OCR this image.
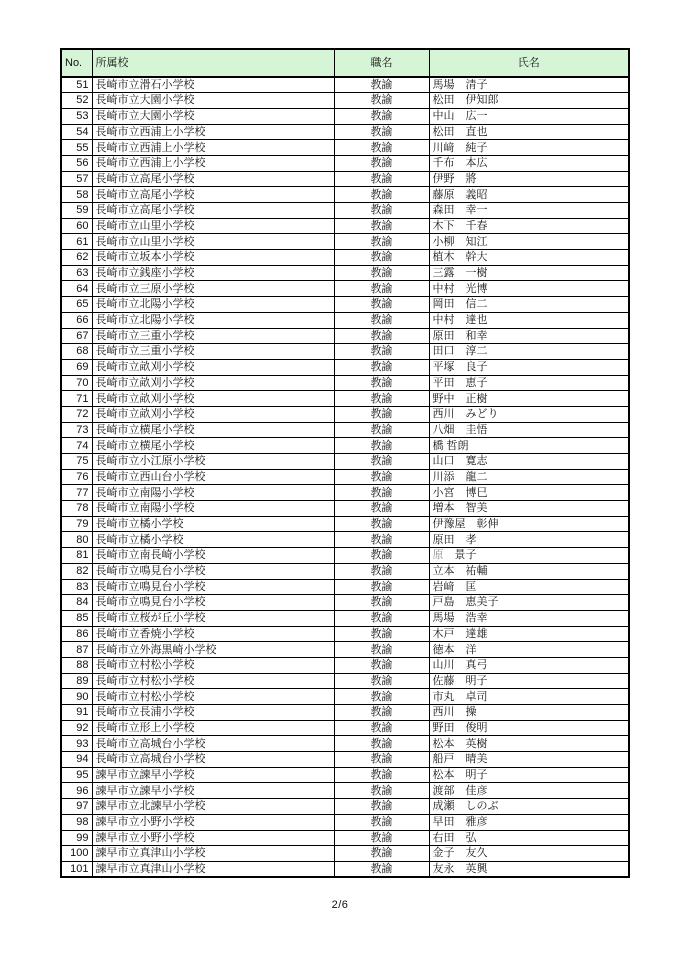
No.	所属校	職名	氏名
51	長崎市立滑石小学校	教諭	馬場　清子
52	長崎市立大園小学校	教諭	松田　伊知郎
53	長崎市立大園小学校	教諭	中山　広一
54	長崎市立西浦上小学校	教諭	松田　直也
55	長崎市立西浦上小学校	教諭	川﨑　純子
56	長崎市立西浦上小学校	教諭	千布　本広
57	長崎市立高尾小学校	教諭	伊野　將
58	長崎市立高尾小学校	教諭	藤原　義昭
59	長崎市立高尾小学校	教諭	森田　幸一
60	長崎市立山里小学校	教諭	木下　千春
61	長崎市立山里小学校	教諭	小柳　知江
62	長崎市立坂本小学校	教諭	植木　幹大
63	長崎市立銭座小学校	教諭	三露　一樹
64	長崎市立三原小学校	教諭	中村　光博
65	長崎市立北陽小学校	教諭	岡田　信二
66	長崎市立北陽小学校	教諭	中村　達也
67	長崎市立三重小学校	教諭	原田　和幸
68	長崎市立三重小学校	教諭	田口　淳二
69	長崎市立畝刈小学校	教諭	平塚　良子
70	長崎市立畝刈小学校	教諭	平田　恵子
71	長崎市立畝刈小学校	教諭	野中　正樹
72	長崎市立畝刈小学校	教諭	西川　みどり
73	長崎市立横尾小学校	教諭	八畑　圭悟
74	長崎市立横尾小学校	教諭	橋 哲朗
75	長崎市立小江原小学校	教諭	山口　寛志
76	長崎市立西山台小学校	教諭	川添　龍二
77	長崎市立南陽小学校	教諭	小宮　博巳
78	長崎市立南陽小学校	教諭	増本　智美
79	長崎市立橘小学校	教諭	伊豫屋　彰伸
80	長崎市立橘小学校	教諭	原田　孝
81	長崎市立南長崎小学校	教諭	原　景子
82	長崎市立鳴見台小学校	教諭	立本　祐輔
83	長崎市立鳴見台小学校	教諭	岩﨑　匡
84	長崎市立鳴見台小学校	教諭	戸島　恵美子
85	長崎市立桜が丘小学校	教諭	馬場　浩幸
86	長崎市立香焼小学校	教諭	木戸　達雄
87	長崎市立外海黒崎小学校	教諭	徳本　洋
88	長崎市立村松小学校	教諭	山川　真弓
89	長崎市立村松小学校	教諭	佐藤　明子
90	長崎市立村松小学校	教諭	市丸　卓司
91	長崎市立長浦小学校	教諭	西川　操
92	長崎市立形上小学校	教諭	野田　俊明
93	長崎市立高城台小学校	教諭	松本　英樹
94	長崎市立高城台小学校	教諭	船戸　晴美
95	諫早市立諫早小学校	教諭	松本　明子
96	諫早市立諫早小学校	教諭	渡部　佳彦
97	諫早市立北諫早小学校	教諭	成瀬　しのぶ
98	諫早市立小野小学校	教諭	早田　雅彦
99	諫早市立小野小学校	教諭	右田　弘
100	諫早市立真津山小学校	教諭	金子　友久
101	諫早市立真津山小学校	教諭	友永　英興
2/6
